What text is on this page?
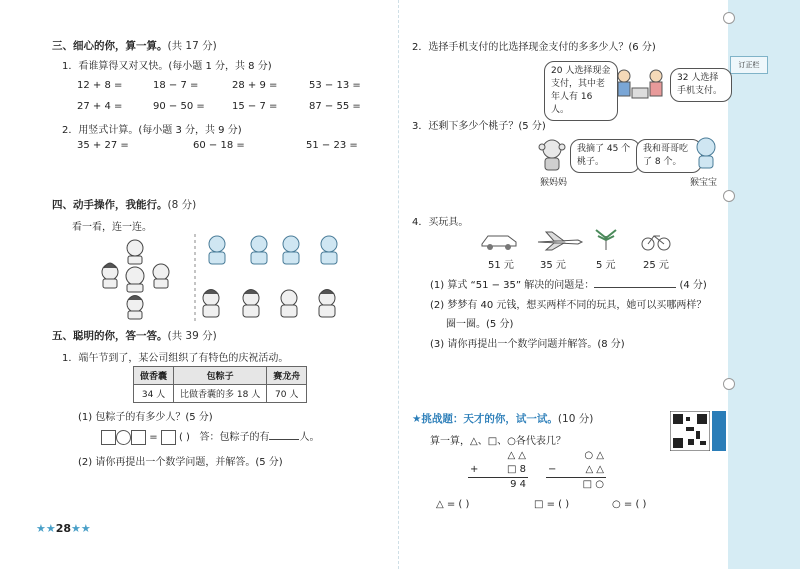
订正栏
三、细心的你，算一算。(共 17 分)
1．看谁算得又对又快。(每小题 1 分，共 8 分)
12 + 8 =	18 − 7 =	28 + 9 =	53 − 13 =
27 + 4 =	90 − 50 =	15 − 7 =	87 − 55 =
2．用竖式计算。(每小题 3 分，共 9 分)
35 + 27 =	60 − 18 =	51 − 23 =
四、动手操作，我能行。(8 分)
看一看，连一连。
五、聪明的你，答一答。(共 39 分)
1．端午节到了，某公司组织了有特色的庆祝活动。
做香囊	包粽子	赛龙舟
34 人	比做香囊的多 18 人	70 人
(1) 包粽子的有多少人？(5 分)
= ( ) 答：包粽子的有	人。
(2) 请你再提出一个数学问题，并解答。(5 分)
★★28★★
2．选择手机支付的比选择现金支付的多多少人？(6 分)
20 人选择现金支付，其中老年人有 16 人。
32 人选择手机支付。
3．还剩下多少个桃子？(5 分)
我摘了 45 个桃子。
我和哥哥吃了 8 个。
猴妈妈	猴宝宝
4．买玩具。
51 元	35 元	5 元	25 元
(1) 算式 “51 − 35” 解决的问题是：	(4 分)
(2) 梦梦有 40 元钱，想买两样不同的玩具，她可以买哪两样？
圈一圈。(5 分)
(3) 请你再提出一个数学问题并解答。(8 分)
★挑战题：天才的你，试一试。(10 分)
算一算，△、□、○各代表几？
△ △
+	□ 8
9 4
○ △
−	△ △
□ ○
△ = ( )	□ = ( )	○ = ( )
